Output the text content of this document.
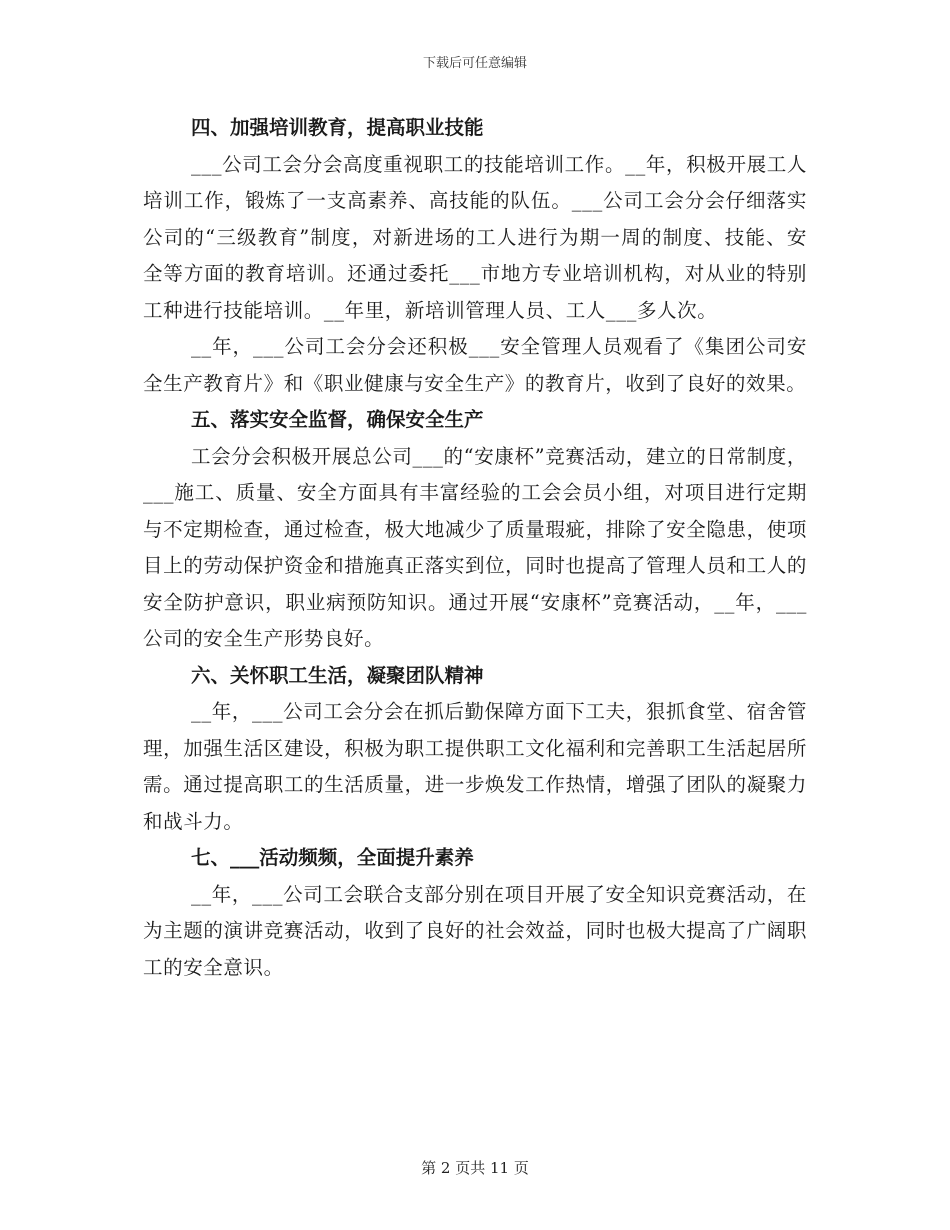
下载后可任意编辑
四、加强培训教育，提高职业技能

___公司工会分会高度重视职工的技能培训工作。__年，积极开展工人培训工作，锻炼了一支高素养、高技能的队伍。___公司工会分会仔细落实公司的“三级教育”制度，对新进场的工人进行为期一周的制度、技能、安全等方面的教育培训。还通过委托___市地方专业培训机构，对从业的特别工种进行技能培训。__年里，新培训管理人员、工人___多人次。

__年，___公司工会分会还积极___安全管理人员观看了《集团公司安全生产教育片》和《职业健康与安全生产》的教育片，收到了良好的效果。

五、落实安全监督，确保安全生产

工会分会积极开展总公司___的“安康杯”竞赛活动，建立的日常制度，___施工、质量、安全方面具有丰富经验的工会会员小组，对项目进行定期与不定期检查，通过检查，极大地减少了质量瑕疵，排除了安全隐患，使项目上的劳动保护资金和措施真正落实到位，同时也提高了管理人员和工人的安全防护意识，职业病预防知识。通过开展“安康杯”竞赛活动，__年，___公司的安全生产形势良好。

六、关怀职工生活，凝聚团队精神

__年，___公司工会分会在抓后勤保障方面下工夫，狠抓食堂、宿舍管理，加强生活区建设，积极为职工提供职工文化福利和完善职工生活起居所需。通过提高职工的生活质量，进一步焕发工作热情，增强了团队的凝聚力和战斗力。

七、___活动频频，全面提升素养

__年，___公司工会联合支部分别在项目开展了安全知识竞赛活动，在为主题的演讲竞赛活动，收到了良好的社会效益，同时也极大提高了广阔职工的安全意识。

第 2 页共 11 页
